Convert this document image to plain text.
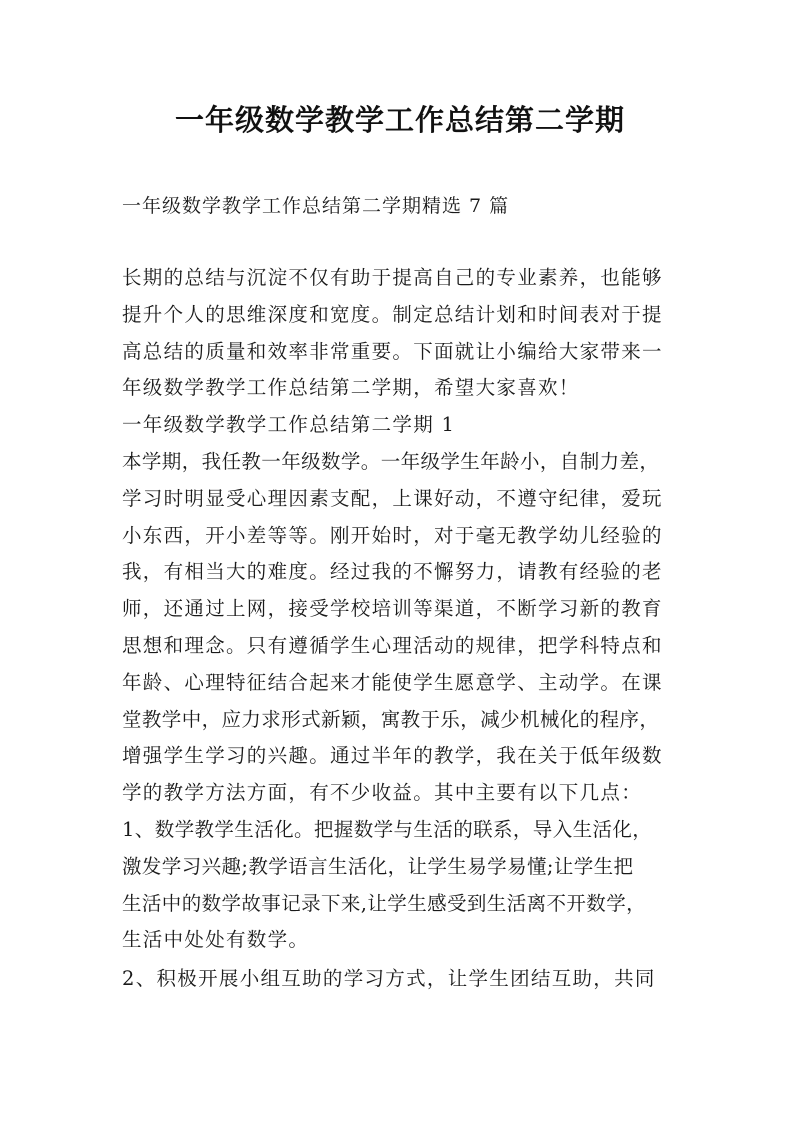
一年级数学教学工作总结第二学期
一年级数学教学工作总结第二学期精选 7 篇
长期的总结与沉淀不仅有助于提高自己的专业素养，也能够
提升个人的思维深度和宽度。制定总结计划和时间表对于提
高总结的质量和效率非常重要。下面就让小编给大家带来一
年级数学教学工作总结第二学期，希望大家喜欢！
一年级数学教学工作总结第二学期 1
本学期，我任教一年级数学。一年级学生年龄小，自制力差，
学习时明显受心理因素支配，上课好动，不遵守纪律，爱玩
小东西，开小差等等。刚开始时，对于毫无教学幼儿经验的
我，有相当大的难度。经过我的不懈努力，请教有经验的老
师，还通过上网，接受学校培训等渠道，不断学习新的教育
思想和理念。只有遵循学生心理活动的规律，把学科特点和
年龄、心理特征结合起来才能使学生愿意学、主动学。在课
堂教学中，应力求形式新颖，寓教于乐，减少机械化的程序，
增强学生学习的兴趣。通过半年的教学，我在关于低年级数
学的教学方法方面，有不少收益。其中主要有以下几点：
1、数学教学生活化。把握数学与生活的联系，导入生活化，
激发学习兴趣;教学语言生活化，让学生易学易懂;让学生把
生活中的数学故事记录下来,让学生感受到生活离不开数学，
生活中处处有数学。
2、积极开展小组互助的学习方式，让学生团结互助，共同
